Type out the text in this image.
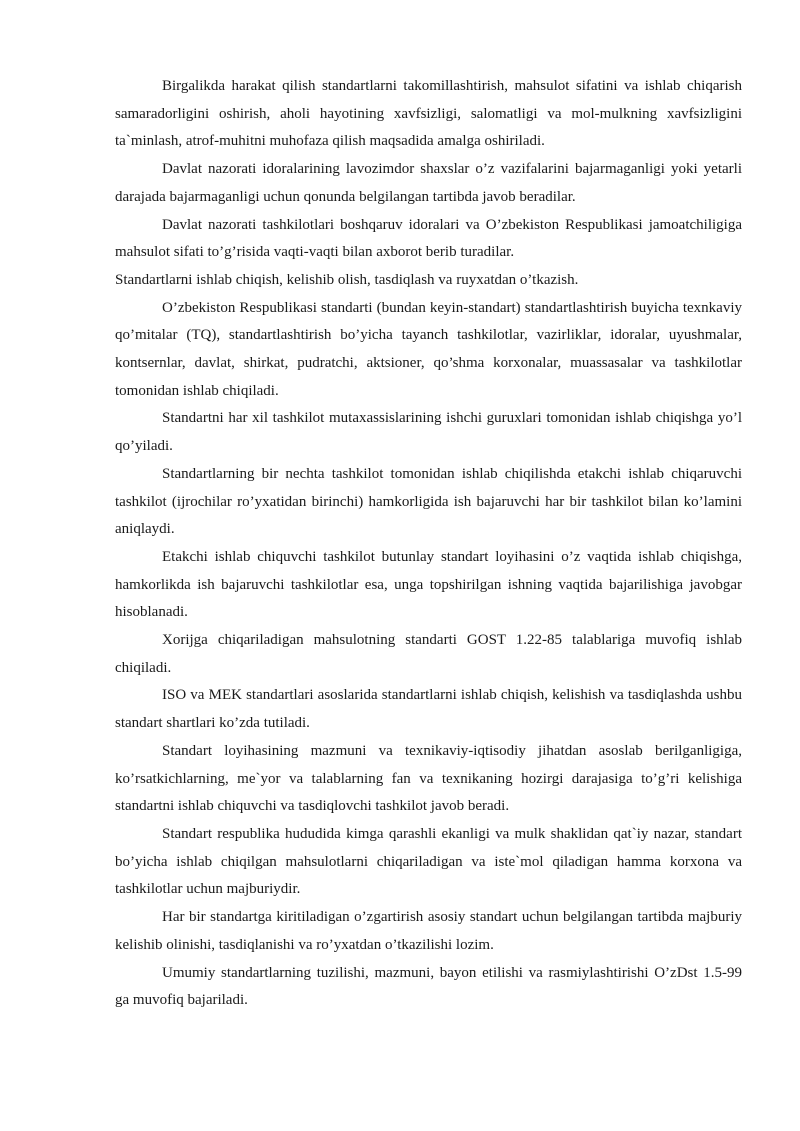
Birgalikda harakat qilish standartlarni takomillashtirish, mahsulot sifatini va ishlab chiqarish samaradorligini oshirish, aholi hayotining xavfsizligi, salomatligi va mol-mulkning xavfsizligini ta`minlash, atrof-muhitni muhofaza qilish maqsadida amalga oshiriladi.

Davlat nazorati idoralarining lavozimdor shaxslar o’z vazifalarini bajarmaganligi yoki yetarli darajada bajarmaganligi uchun qonunda belgilangan tartibda javob beradilar.

Davlat nazorati tashkilotlari boshqaruv idoralari va O’zbekiston Respublikasi jamoatchiligiga mahsulot sifati to’g’risida vaqti-vaqti bilan axborot berib turadilar.

Standartlarni ishlab chiqish, kelishib olish, tasdiqlash va ruyxatdan o’tkazish.

O’zbekiston Respublikasi standarti (bundan keyin-standart) standartlashtirish buyicha texnkaviy qo’mitalar (TQ), standartlashtirish bo’yicha tayanch tashkilotlar, vazirliklar, idoralar, uyushmalar, kontsernlar, davlat, shirkat, pudratchi, aktsioner, qo’shma korxonalar, muassasalar va tashkilotlar tomonidan ishlab chiqiladi.

Standartni har xil tashkilot mutaxassislarining ishchi guruxlari tomonidan ishlab chiqishga yo’l qo’yiladi.

Standartlarning bir nechta tashkilot tomonidan ishlab chiqilishda etakchi ishlab chiqaruvchi tashkilot (ijrochilar ro’yxatidan birinchi) hamkorligida ish bajaruvchi har bir tashkilot bilan ko’lamini aniqlaydi.

Etakchi ishlab chiquvchi tashkilot butunlay standart loyihasini o’z vaqtida ishlab chiqishga, hamkorlikda ish bajaruvchi tashkilotlar esa, unga topshirilgan ishning vaqtida bajarilishiga javobgar hisoblanadi.

Xorijga chiqariladigan mahsulotning standarti GOST 1.22-85 talablariga muvofiq ishlab chiqiladi.

ISO va MEK standartlari asoslarida standartlarni ishlab chiqish, kelishish va tasdiqlashda ushbu standart shartlari ko’zda tutiladi.

Standart loyihasining mazmuni va texnikaviy-iqtisodiy jihatdan asoslab berilganligiga, ko’rsatkichlarning, me`yor va talablarning fan va texnikaning hozirgi darajasiga to’g’ri kelishiga standartni ishlab chiquvchi va tasdiqlovchi tashkilot javob beradi.

Standart respublika hududida kimga qarashli ekanligi va mulk shaklidan qat`iy nazar, standart bo’yicha ishlab chiqilgan mahsulotlarni chiqariladigan va iste`mol qiladigan hamma korxona va tashkilotlar uchun majburiydir.

Har bir standartga kiritiladigan o’zgartirish asosiy standart uchun belgilangan tartibda majburiy kelishib olinishi, tasdiqlanishi va ro’yxatdan o’tkazilishi lozim.

Umumiy standartlarning tuzilishi, mazmuni, bayon etilishi va rasmiylashtirishi O’zDst 1.5-99 ga muvofiq bajariladi.
